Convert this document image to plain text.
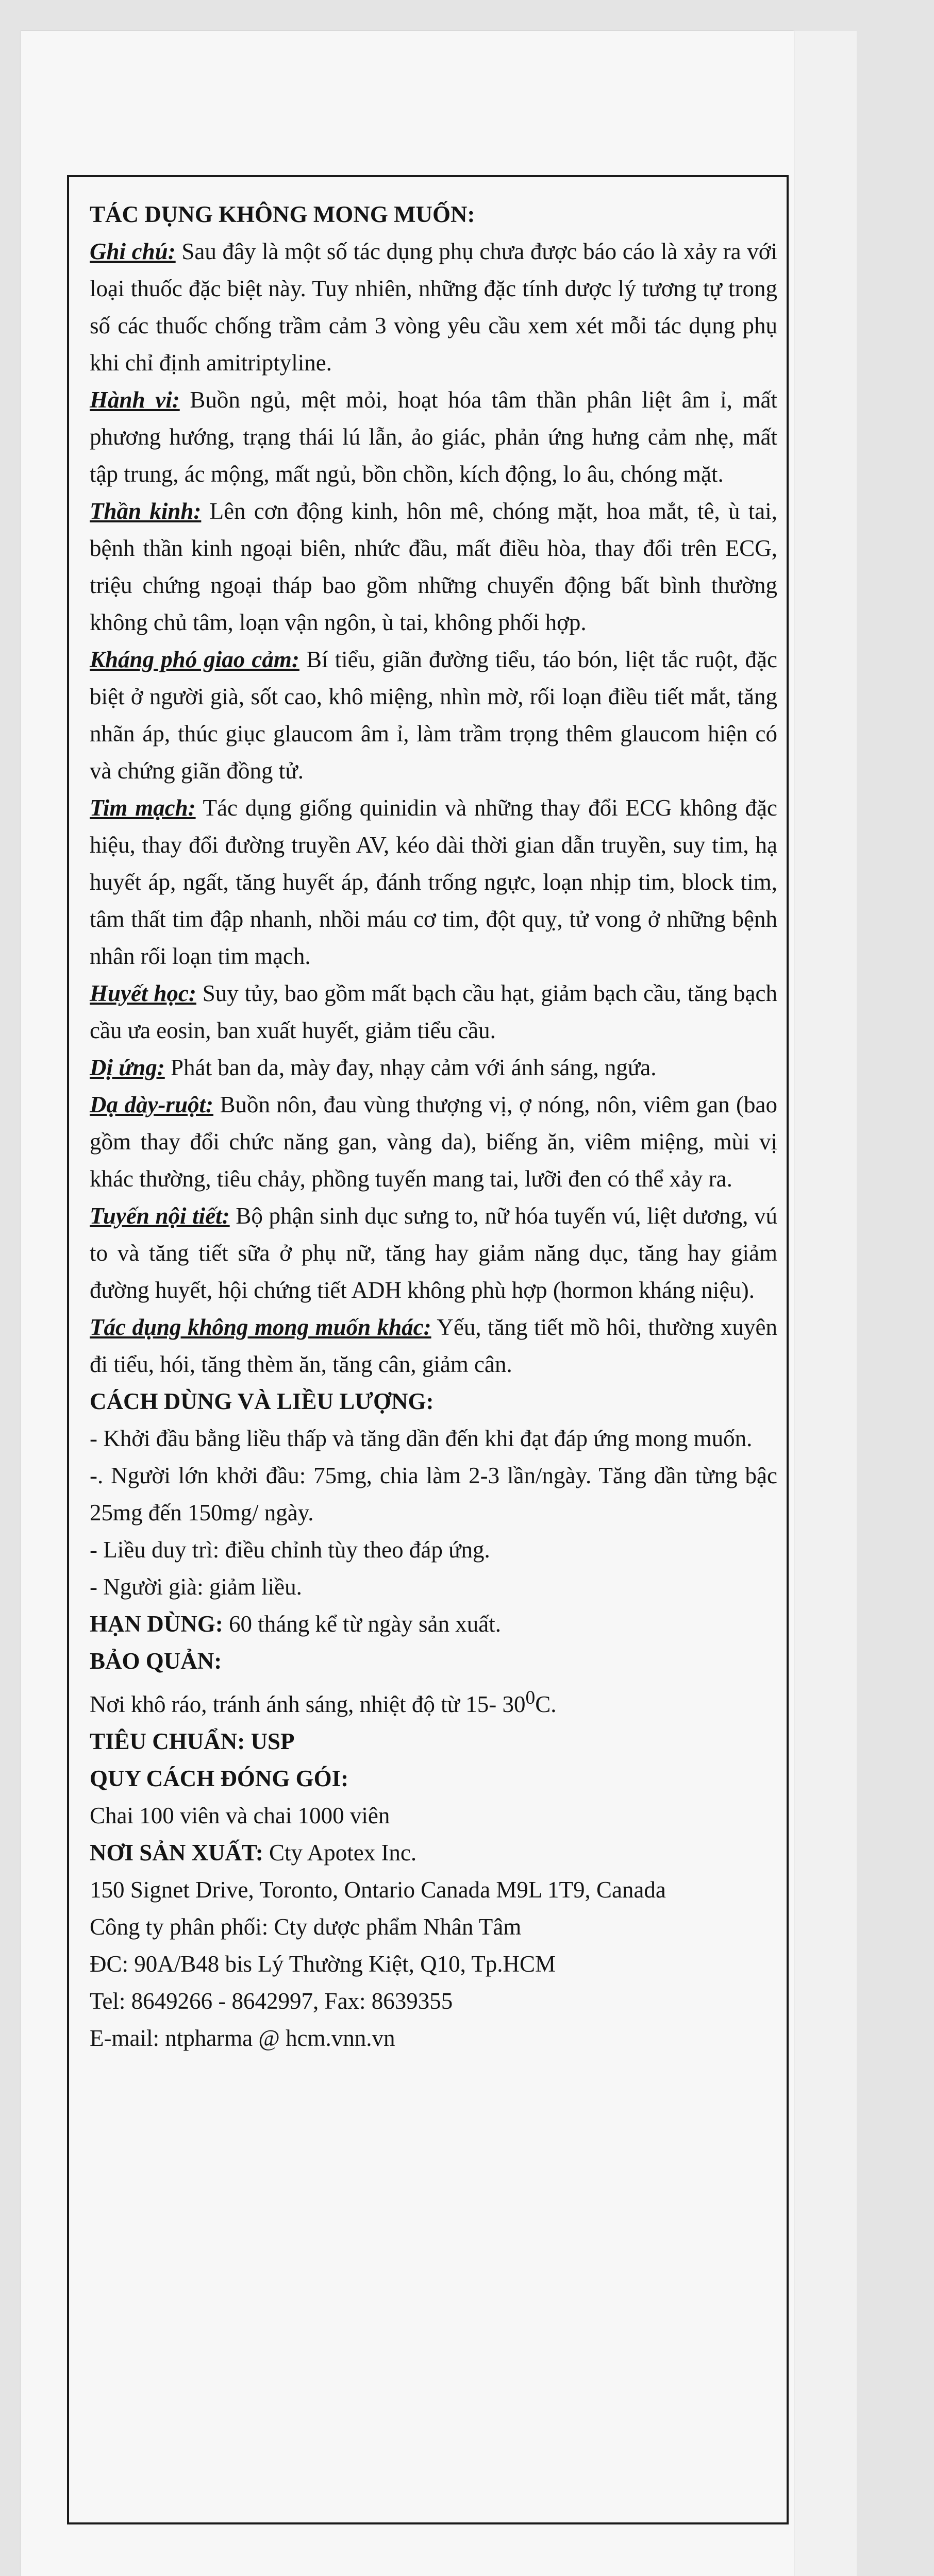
TÁC DỤNG KHÔNG MONG MUỐN:

Ghi chú: Sau đây là một số tác dụng phụ chưa được báo cáo là xảy ra với loại thuốc đặc biệt này. Tuy nhiên, những đặc tính dược lý tương tự trong số các thuốc chống trầm cảm 3 vòng yêu cầu xem xét mỗi tác dụng phụ khi chỉ định amitriptyline.

Hành vi: Buồn ngủ, mệt mỏi, hoạt hóa tâm thần phân liệt âm ỉ, mất phương hướng, trạng thái lú lẫn, ảo giác, phản ứng hưng cảm nhẹ, mất tập trung, ác mộng, mất ngủ, bồn chồn, kích động, lo âu, chóng mặt.

Thần kinh: Lên cơn động kinh, hôn mê, chóng mặt, hoa mắt, tê, ù tai, bệnh thần kinh ngoại biên, nhức đầu, mất điều hòa, thay đổi trên ECG, triệu chứng ngoại tháp bao gồm những chuyển động bất bình thường không chủ tâm, loạn vận ngôn, ù tai, không phối hợp.

Kháng phó giao cảm: Bí tiểu, giãn đường tiểu, táo bón, liệt tắc ruột, đặc biệt ở người già, sốt cao, khô miệng, nhìn mờ, rối loạn điều tiết mắt, tăng nhãn áp, thúc giục glaucom âm ỉ, làm trầm trọng thêm glaucom hiện có và chứng giãn đồng tử.

Tim mạch: Tác dụng giống quinidin và những thay đổi ECG không đặc hiệu, thay đổi đường truyền AV, kéo dài thời gian dẫn truyền, suy tim, hạ huyết áp, ngất, tăng huyết áp, đánh trống ngực, loạn nhịp tim, block tim, tâm thất tim đập nhanh, nhồi máu cơ tim, đột quỵ, tử vong ở những bệnh nhân rối loạn tim mạch.

Huyết học: Suy tủy, bao gồm mất bạch cầu hạt, giảm bạch cầu, tăng bạch cầu ưa eosin, ban xuất huyết, giảm tiểu cầu.

Dị ứng: Phát ban da, mày đay, nhạy cảm với ánh sáng, ngứa.

Dạ dày-ruột: Buồn nôn, đau vùng thượng vị, ợ nóng, nôn, viêm gan (bao gồm thay đổi chức năng gan, vàng da), biếng ăn, viêm miệng, mùi vị khác thường, tiêu chảy, phồng tuyến mang tai, lưỡi đen có thể xảy ra.

Tuyến nội tiết: Bộ phận sinh dục sưng to, nữ hóa tuyến vú, liệt dương, vú to và tăng tiết sữa ở phụ nữ, tăng hay giảm năng dục, tăng hay giảm đường huyết, hội chứng tiết ADH không phù hợp (hormon kháng niệu).

Tác dụng không mong muốn khác: Yếu, tăng tiết mồ hôi, thường xuyên đi tiểu, hói, tăng thèm ăn, tăng cân, giảm cân.

CÁCH DÙNG VÀ LIỀU LƯỢNG:

- Khởi đầu bằng liều thấp và tăng dần đến khi đạt đáp ứng mong muốn.

-. Người lớn khởi đầu: 75mg, chia làm 2-3 lần/ngày. Tăng dần từng bậc 25mg đến 150mg/ ngày.

- Liều duy trì: điều chỉnh tùy theo đáp ứng.

- Người già: giảm liều.

HẠN DÙNG: 60 tháng kể từ ngày sản xuất.

BẢO QUẢN:

Nơi khô ráo, tránh ánh sáng, nhiệt độ từ 15- $30^0C$.

TIÊU CHUẨN: USP

QUY CÁCH ĐÓNG GÓI:

Chai 100 viên và chai 1000 viên

NƠI SẢN XUẤT: Cty Apotex Inc.

150 Signet Drive, Toronto, Ontario Canada M9L 1T9, Canada

Công ty phân phối: Cty dược phẩm Nhân Tâm

ĐC: 90A/B48 bis Lý Thường Kiệt, Q10, Tp.HCM

Tel: 8649266 - 8642997, Fax: 8639355

E-mail: ntpharma @ hcm.vnn.vn
